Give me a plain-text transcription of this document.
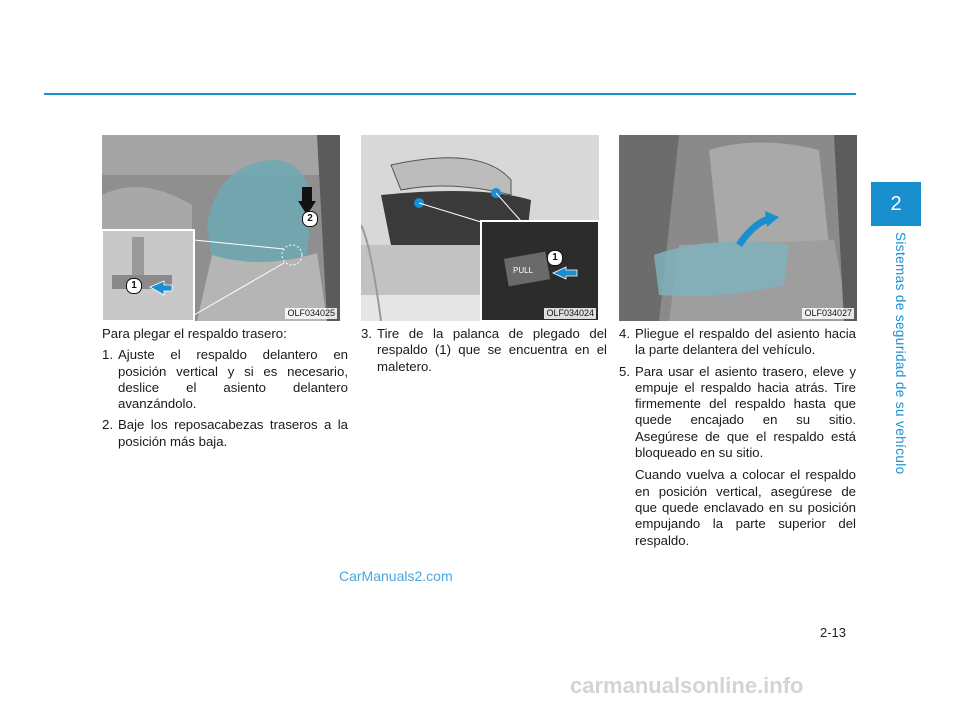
1
2
OLF034025
PULL
1
OLF034024	OLF034027

Para plegar el respaldo trasero:

1. Ajuste el respaldo delantero en posición vertical y si es necesario, deslice el asiento delantero avanzándolo.
2. Baje los reposacabezas traseros a la posición más baja.
3. Tire de la palanca de plegado del respaldo (1) que se encuentra en el maletero.
4. Pliegue el respaldo del asiento hacia la parte delantera del vehículo.
5. Para usar el asiento trasero, eleve y empuje el respaldo hacia atrás. Tire firmemente del respaldo hasta que quede encajado en su sitio. Asegúrese de que el respaldo está bloqueado en su sitio.

Cuando vuelva a colocar el respaldo en posición vertical, asegúrese de que quede enclavado en su posición empujando la parte superior del respaldo.

2
Sistemas de seguridad de su vehículo
2-13
CarManuals2.com
carmanualsonline.info
